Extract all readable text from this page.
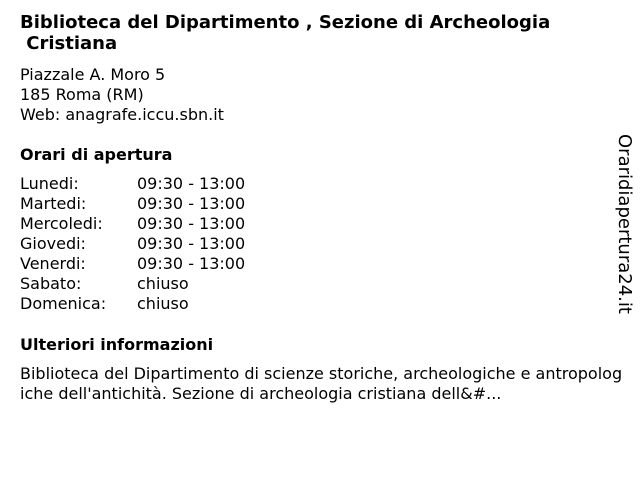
Biblioteca del Dipartimento , Sezione di Archeologia
Cristiana
Piazzale A. Moro 5
185 Roma (RM)
Web: anagrafe.iccu.sbn.it
Orari di apertura
Lunedi:	09:30 - 13:00
Martedi:	09:30 - 13:00
Mercoledi: 09:30 - 13:00
Giovedi:	09:30 - 13:00
Venerdi:	09:30 - 13:00
Sabato:	chiuso
Domenica: chiuso
Ulteriori informazioni
Biblioteca del Dipartimento di scienze storiche, archeologiche e antropologiche dell'antichità. Sezione di archeologia cristiana dell&#...
Oraridiapertura24.it
